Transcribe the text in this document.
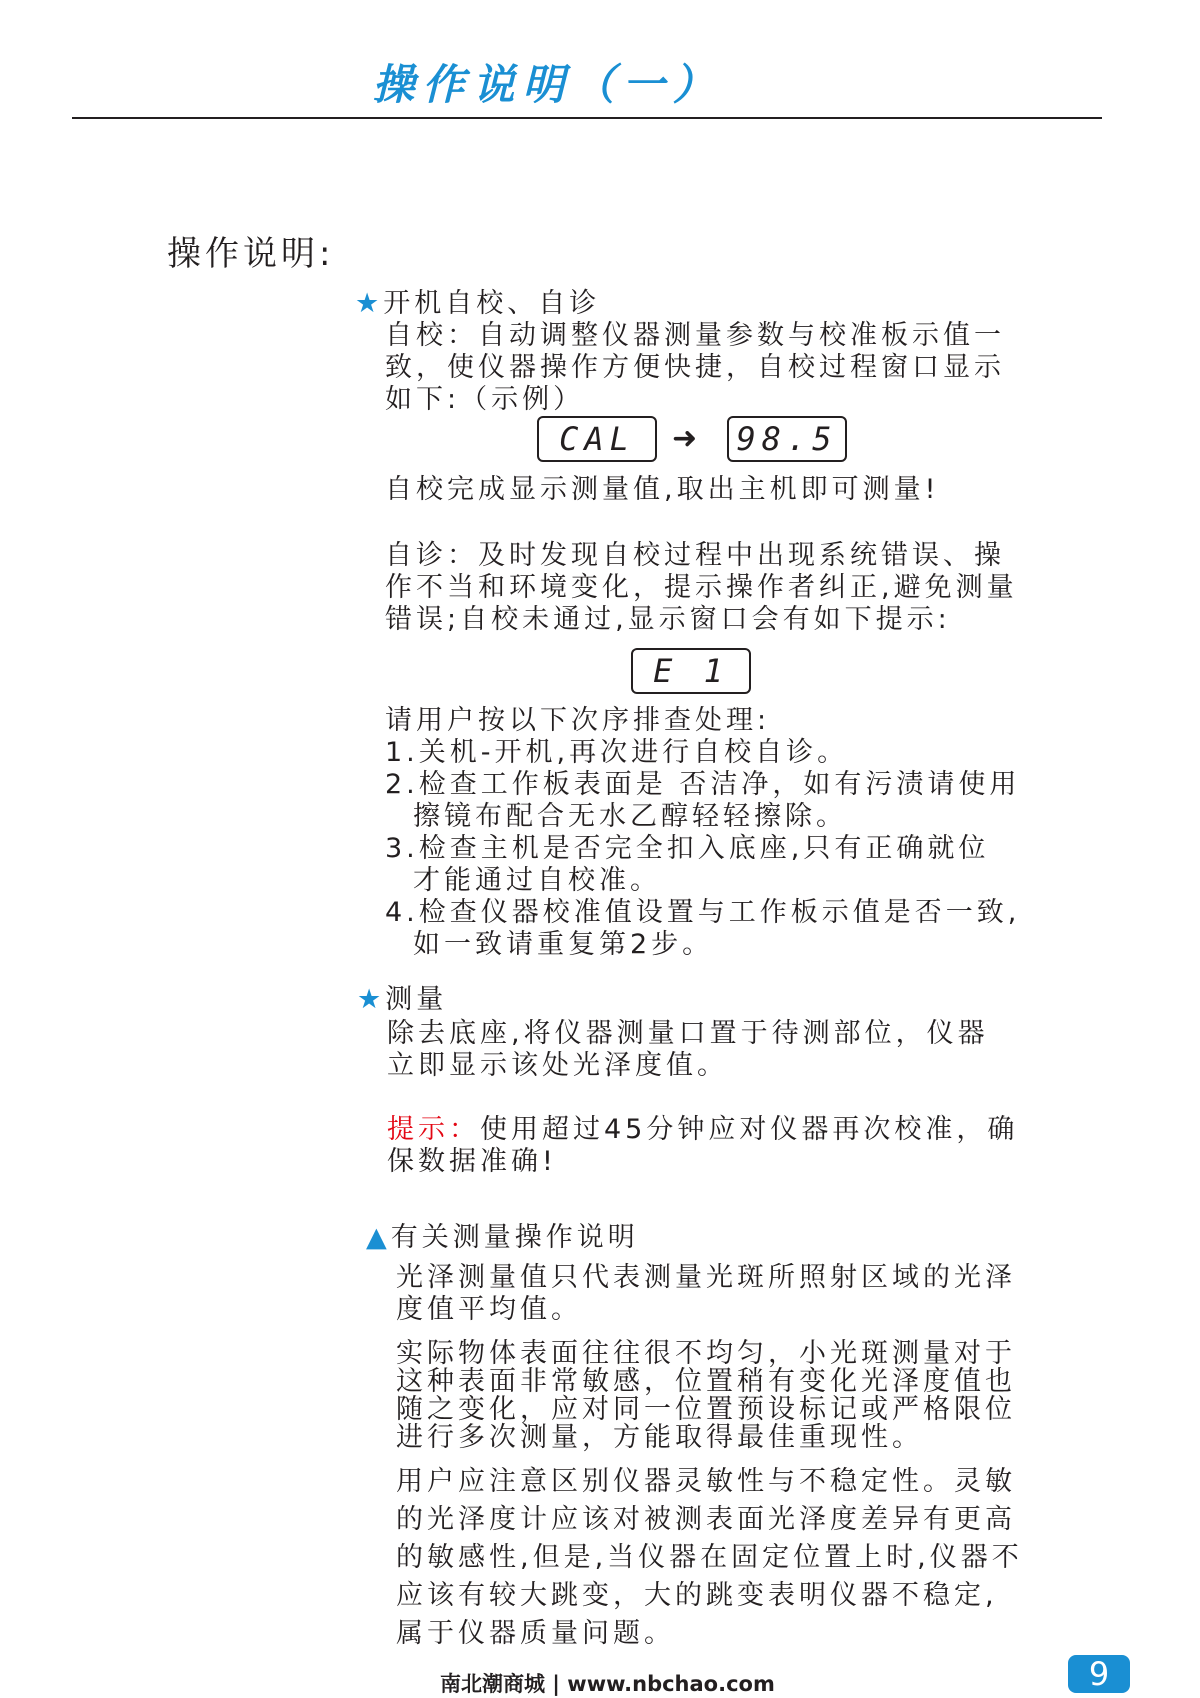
操作说明（一）
操作说明:
★开机自校、自诊
自校：自动调整仪器测量参数与校准板示值一
致，使仪器操作方便快捷，自校过程窗口显示
如下:（示例）
CAL	➜ 98.5
自校完成显示测量值,取出主机即可测量!
自诊：及时发现自校过程中出现系统错误、操
作不当和环境变化，提示操作者纠正,避免测量
错误;自校未通过,显示窗口会有如下提示:
E 1
请用户按以下次序排查处理:
1.关机-开机,再次进行自校自诊。
2.检查工作板表面是 否洁净，如有污渍请使用
擦镜布配合无水乙醇轻轻擦除。
3.检查主机是否完全扣入底座,只有正确就位
才能通过自校准。
4.检查仪器校准值设置与工作板示值是否一致,
如一致请重复第2步。
★测量
除去底座,将仪器测量口置于待测部位，仪器
立即显示该处光泽度值。
提示：使用超过45分钟应对仪器再次校准，确
保数据准确!
▲有关测量操作说明
光泽测量值只代表测量光斑所照射区域的光泽
度值平均值。
实际物体表面往往很不均匀，小光斑测量对于
这种表面非常敏感，位置稍有变化光泽度值也
随之变化，应对同一位置预设标记或严格限位
进行多次测量，方能取得最佳重现性。
用户应注意区别仪器灵敏性与不稳定性。灵敏
的光泽度计应该对被测表面光泽度差异有更高
的敏感性,但是,当仪器在固定位置上时,仪器不
应该有较大跳变，大的跳变表明仪器不稳定,
属于仪器质量问题。
南北潮商城 | www.nbchao.com	9
